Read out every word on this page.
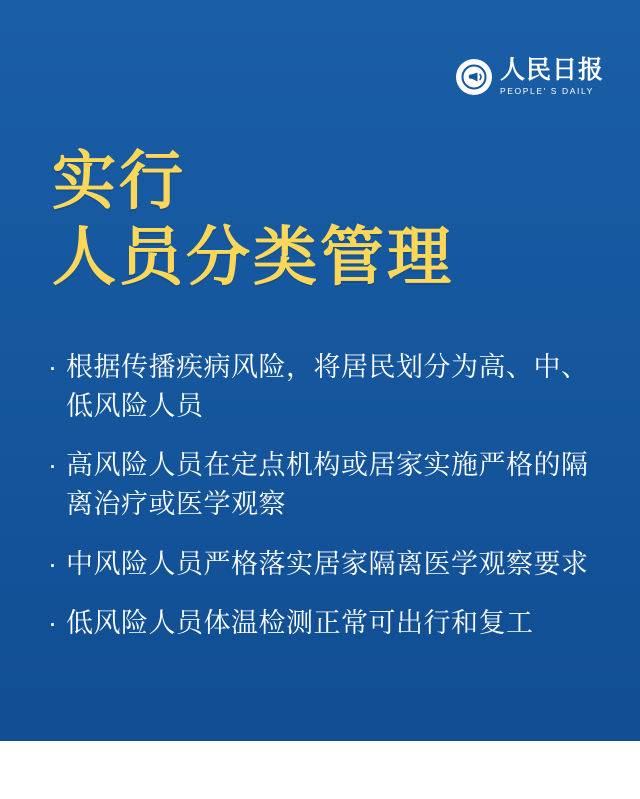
人民日报
PEOPLE' S DAILY
实行
人员分类管理
· 根据传播疾病风险，将居民划分为高、中、低风险人员
· 高风险人员在定点机构或居家实施严格的隔离治疗或医学观察
· 中风险人员严格落实居家隔离医学观察要求
· 低风险人员体温检测正常可出行和复工
